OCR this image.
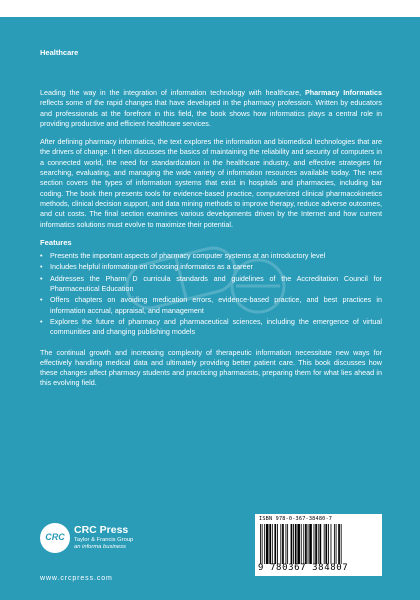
Healthcare

Leading the way in the integration of information technology with healthcare, Pharmacy Informatics reflects some of the rapid changes that have developed in the pharmacy profession. Written by educators and professionals at the forefront in this field, the book shows how informatics plays a central role in providing productive and efficient healthcare services.

After defining pharmacy informatics, the text explores the information and biomedical technologies that are the drivers of change. It then discusses the basics of maintaining the reliability and security of computers in a connected world, the need for standardization in the healthcare industry, and effective strategies for searching, evaluating, and managing the wide variety of information resources available today. The next section covers the types of information systems that exist in hospitals and pharmacies, including bar coding. The book then presents tools for evidence-based practice, computerized clinical pharmacokinetics methods, clinical decision support, and data mining methods to improve therapy, reduce adverse outcomes, and cut costs. The final section examines various developments driven by the Internet and how current informatics solutions must evolve to maximize their potential.

Features
• Presents the important aspects of pharmacy computer systems at an introductory level
• Includes helpful information on choosing informatics as a career
• Addresses the Pharm D curricula standards and guidelines of the Accreditation Council for Pharmaceutical Education
• Offers chapters on avoiding medication errors, evidence-based practice, and best practices in information accrual, appraisal, and management
• Explores the future of pharmacy and pharmaceutical sciences, including the emergence of virtual communities and changing publishing models

The continual growth and increasing complexity of therapeutic information necessitate new ways for effectively handling medical data and ultimately providing better patient care. This book discusses how these changes affect pharmacy students and practicing pharmacists, preparing them for what lies ahead in this evolving field.

CRC
CRC Press
Taylor & Francis Group
an informa business
www.crcpress.com
ISBN 978-0-367-38480-7
9 780367 384807
